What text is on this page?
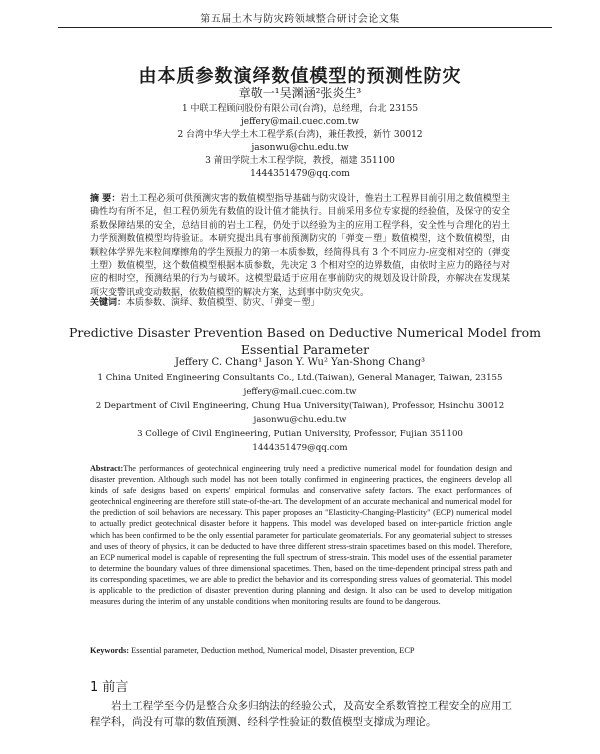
第五届土木与防灾跨领域整合研讨会论文集
由本质参数演绎数值模型的预测性防灾
章敬一¹吴渊涵²张炎生³
1 中联工程顾问股份有限公司(台湾)，总经理，台北 23155
jeffery@mail.cuec.com.tw
2 台湾中华大学土木工程学系(台湾)，兼任教授，新竹 30012
jasonwu@chu.edu.tw
3 莆田学院土木工程学院，教授，福建 351100
1444351479@qq.com
摘 要：岩土工程必须可供预测灾害的数值模型指导基础与防灾设计，惟岩土工程界目前引用之数值模型主确性均有所不足，但工程仍须先有数值的设计值才能执行。目前采用多位专家提的经验值，及保守的安全系数保障结果的安全，总结目前的岩土工程，仍处于以经验为主的应用工程学科，安全性与合理化的岩土力学预测数值模型均待验证。本研究提出具有事前预测防灾的「弹变－塑」数值模型，这个数值模型，由颗粒体学界先来粒间摩擦角的学生预报力的第一本质参数，经简得具有 3 个不同应力-应变相对空的（弹变土塑）数值模型，这个数值模型根据本质参数，先决定 3 个相对空的边界数值，由依时主应力的路径与对应的相时空，预测结果的行为与破坏。这模型最适于应用在事前防灾的规划及设计阶段，亦解决在发现某项灾变警讯或变动数据，依数值模型的解决方案，达到事中防灾免灾。
关键词：本质参数、演绎、数值模型、防灾、「弹变－塑」
Predictive Disaster Prevention Based on Deductive Numerical Model from Essential Parameter
Jeffery C. Chang¹ Jason Y. Wu² Yan-Shong Chang³
1 China United Engineering Consultants Co., Ltd.(Taiwan), General Manager, Taiwan, 23155
jeffery@mail.cuec.com.tw
2 Department of Civil Engineering, Chung Hua University(Taiwan), Professor, Hsinchu 30012
jasonwu@chu.edu.tw
3 College of Civil Engineering, Putian University, Professor, Fujian 351100
1444351479@qq.com
Abstract:The performances of geotechnical engineering truly need a predictive numerical model for foundation design and disaster prevention. Although such model has not been totally confirmed in engineering practices, the engineers develop all kinds of safe designs based on experts' empirical formulas and conservative safety factors. The exact performances of geotechnical engineering are therefore still state-of-the-art. The development of an accurate mechanical and numerical model for the prediction of soil behaviors are necessary. This paper proposes an "Elasticity-Changing-Plasticity" (ECP) numerical model to actually predict geotechnical disaster before it happens. This model was developed based on inter-particle friction angle which has been confirmed to be the only essential parameter for particulate geomaterials. For any geomaterial subject to stresses and uses of theory of physics, it can be deducted to have three different stress-strain spacetimes based on this model. Therefore, an ECP numerical model is capable of representing the full spectrum of stress-strain. This model uses of the essential parameter to determine the boundary values of three dimensional spacetimes. Then, based on the time-dependent principal stress path and its corresponding spacetimes, we are able to predict the behavior and its corresponding stress values of geomaterial. This model is applicable to the prediction of disaster prevention during planning and design. It also can be used to develop mitigation measures during the interim of any unstable conditions when monitoring results are found to be dangerous.
Keywords: Essential parameter, Deduction method, Numerical model, Disaster prevention, ECP
1 前言
岩土工程学至今仍是整合众多归纳法的经验公式，及高安全系数管控工程安全的应用工程学科，尚没有可靠的数值预测、经科学性验证的数值模型支撑成为理论。
